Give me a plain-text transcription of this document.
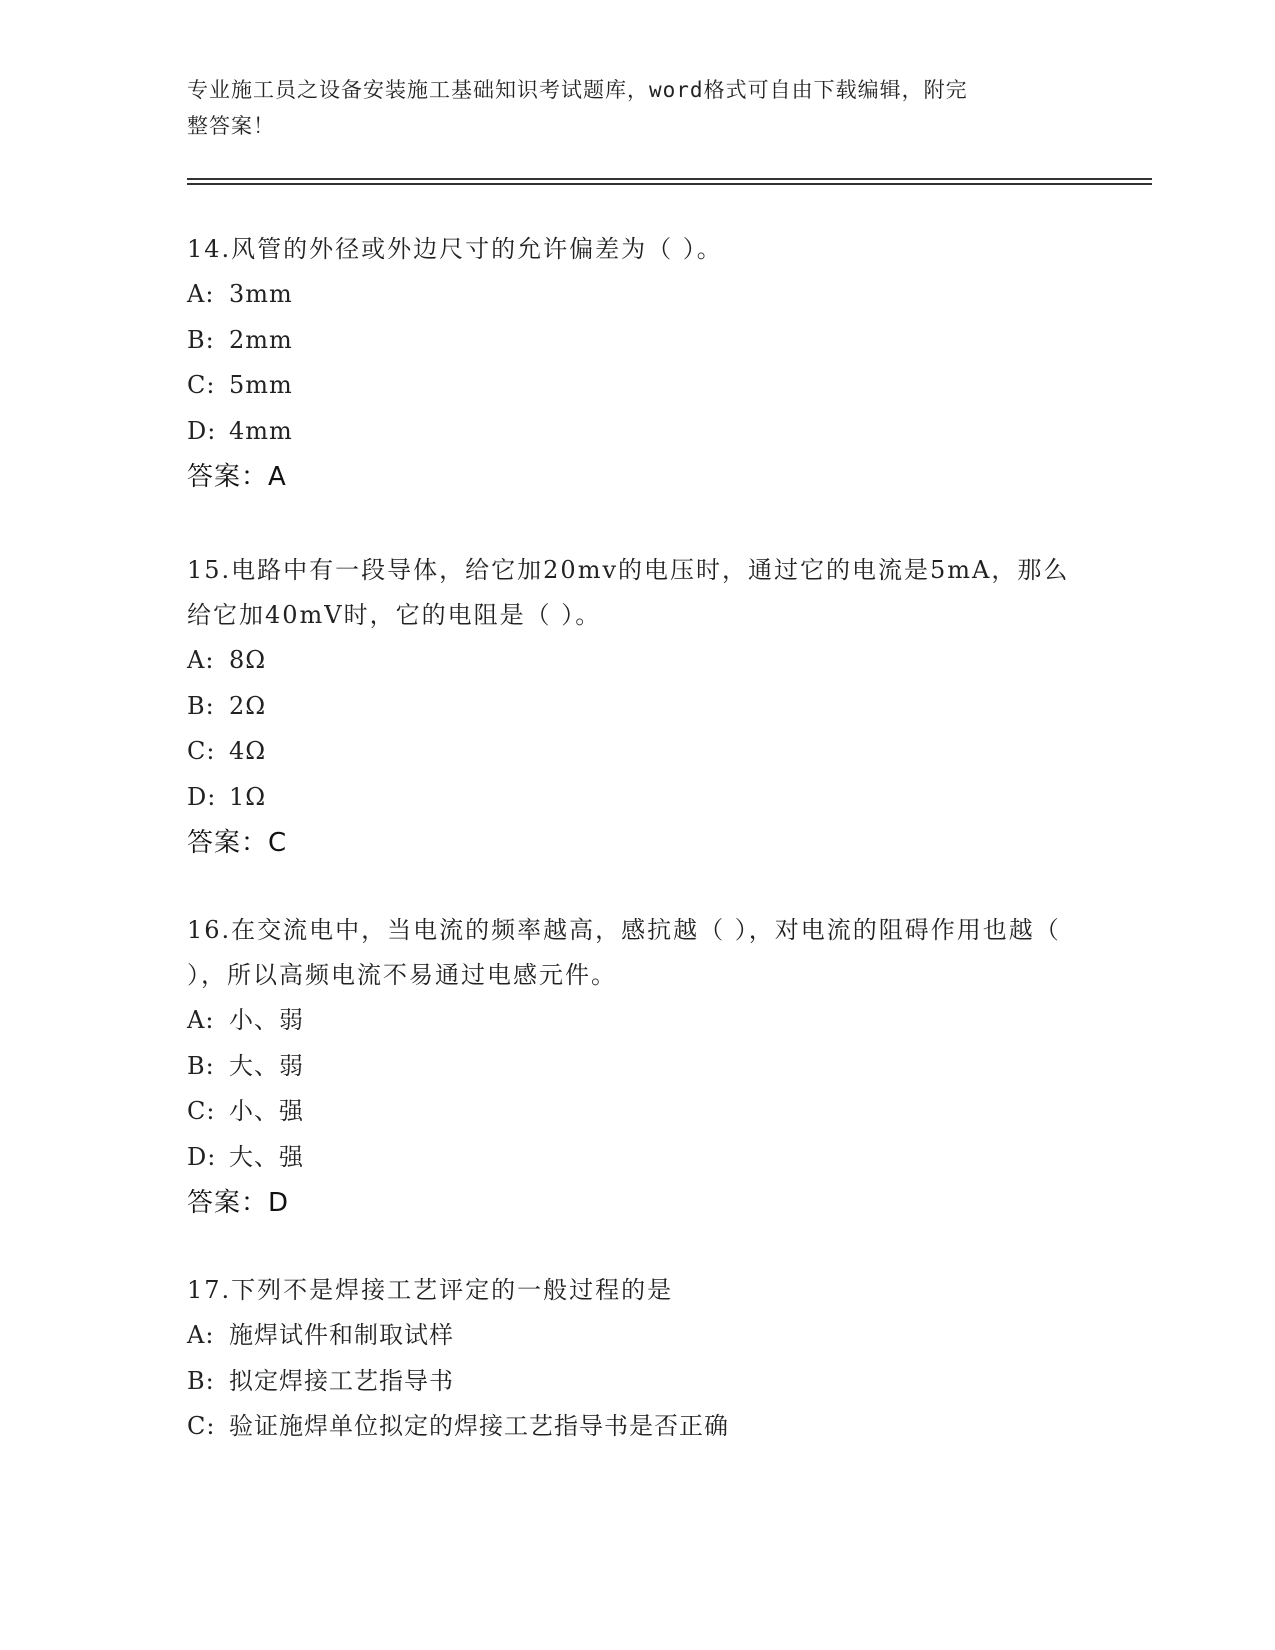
专业施工员之设备安装施工基础知识考试题库，word格式可自由下载编辑，附完
整答案！
14.风管的外径或外边尺寸的允许偏差为（ ）。
A: 3mm
B: 2mm
C: 5mm
D: 4mm
答案：A
15.电路中有一段导体，给它加20mv的电压时，通过它的电流是5mA，那么给它加40mV时，它的电阻是（ ）。
A: 8Ω
B: 2Ω
C: 4Ω
D: 1Ω
答案：C
16.在交流电中，当电流的频率越高，感抗越（ ），对电流的阻碍作用也越（ ），所以高频电流不易通过电感元件。
A: 小、弱
B: 大、弱
C: 小、强
D: 大、强
答案：D
17.下列不是焊接工艺评定的一般过程的是
A: 施焊试件和制取试样
B: 拟定焊接工艺指导书
C: 验证施焊单位拟定的焊接工艺指导书是否正确
